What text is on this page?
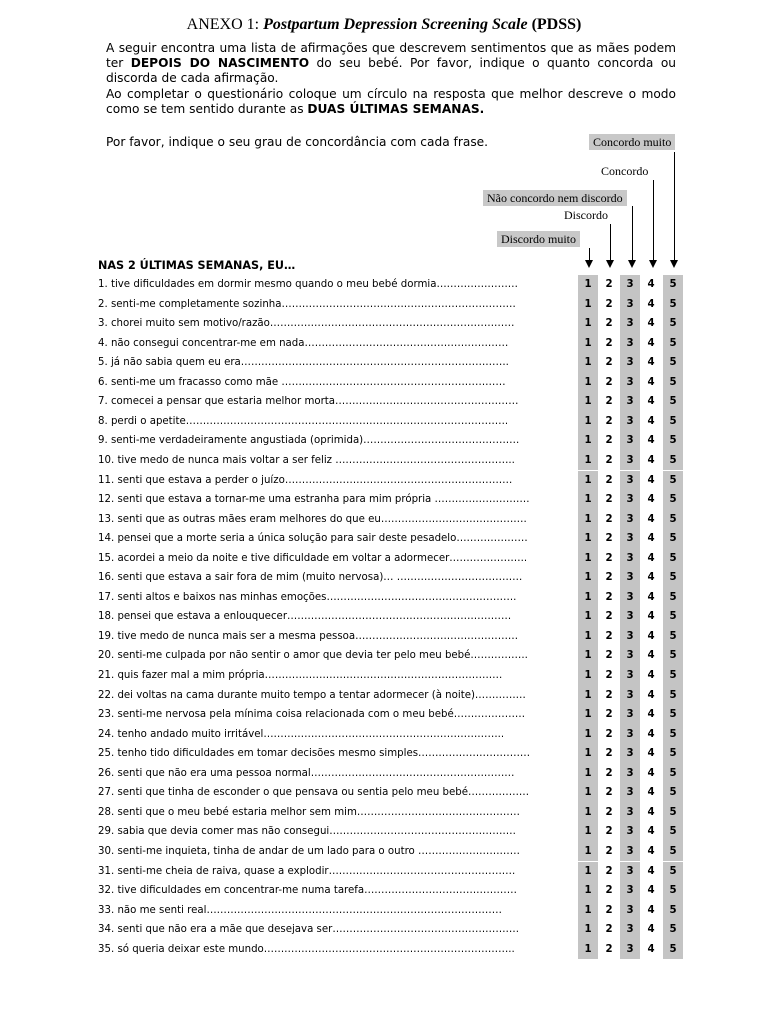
ANEXO 1: Postpartum Depression Screening Scale (PDSS)

A seguir encontra uma lista de afirmações que descrevem sentimentos que as mães podem ter DEPOIS DO NASCIMENTO do seu bebé. Por favor, indique o quanto concorda ou discorda de cada afirmação.

Ao completar o questionário coloque um círculo na resposta que melhor descreve o modo como se tem sentido durante as DUAS ÚLTIMAS SEMANAS.

Por favor, indique o seu grau de concordância com cada frase.	Concordo muito
Concordo
Não concordo nem discordo
Discordo
Discordo muito
NAS 2 ÚLTIMAS SEMANAS, EU…
1. tive dificuldades em dormir mesmo quando o meu bebé dormia……………………	1	2	3	4	5
2. senti-me completamente sozinha……………………………………………………………	1	2	3	4	5
3. chorei muito sem motivo/razão………………………………………………………………	1	2	3	4	5
4. não consegui concentrar-me em nada……………………………………………………	1	2	3	4	5
5. já não sabia quem eu era…………………………………………………………………….	1	2	3	4	5
6. senti-me um fracasso como mãe …………………………………………………………	1	2	3	4	5
7. comecei a pensar que estaria melhor morta………………………………………………	1	2	3	4	5
8. perdi o apetite…………………………………………………………………………………..	1	2	3	4	5
9. senti-me verdadeiramente angustiada (oprimida)……………………………………….	1	2	3	4	5
10. tive medo de nunca mais voltar a ser feliz ……………………………………………..	1	2	3	4	5
11. senti que estava a perder o juízo………………………………………………………….	1	2	3	4	5
12. senti que estava a tornar-me uma estranha para mim própria ……………………….	1	2	3	4	5
13. senti que as outras mães eram melhores do que eu…………………………………….	1	2	3	4	5
14. pensei que a morte seria a única solução para sair deste pesadelo…………………	1	2	3	4	5
15. acordei a meio da noite e tive dificuldade em voltar a adormecer…………………..	1	2	3	4	5
16. senti que estava a sair fora de mim (muito nervosa)… ……………………………….	1	2	3	4	5
17. senti altos e baixos nas minhas emoções………………………………………………..	1	2	3	4	5
18. pensei que estava a enlouquecer…………………………………………………………	1	2	3	4	5
19. tive medo de nunca mais ser a mesma pessoa…………………………………………	1	2	3	4	5
20. senti-me culpada por não sentir o amor que devia ter pelo meu bebé……………..	1	2	3	4	5
21. quis fazer mal a mim própria…………………………………………………………….	1	2	3	4	5
22. dei voltas na cama durante muito tempo a tentar adormecer (à noite)……………	1	2	3	4	5
23. senti-me nervosa pela mínima coisa relacionada com o meu bebé…………………	1	2	3	4	5
24. tenho andado muito irritável……………………………………………………………..	1	2	3	4	5
25. tenho tido dificuldades em tomar decisões mesmo simples……………………………	1	2	3	4	5
26. senti que não era uma pessoa normal……………………………………………………	1	2	3	4	5
27. senti que tinha de esconder o que pensava ou sentia pelo meu bebé………………	1	2	3	4	5
28. senti que o meu bebé estaria melhor sem mim…………………………………………	1	2	3	4	5
29. sabia que devia comer mas não consegui……………………………………………….	1	2	3	4	5
30. senti-me inquieta, tinha de andar de um lado para o outro …………………………	1	2	3	4	5
31. senti-me cheia de raiva, quase a explodir……………………………………………….	1	2	3	4	5
32. tive dificuldades em concentrar-me numa tarefa………………………………………	1	2	3	4	5
33. não me senti real……………………………………………………………………………	1	2	3	4	5
34. senti que não era a mãe que desejava ser……………………………………………….	1	2	3	4	5
35. só queria deixar este mundo………………………………………………………………..	1	2	3	4	5
